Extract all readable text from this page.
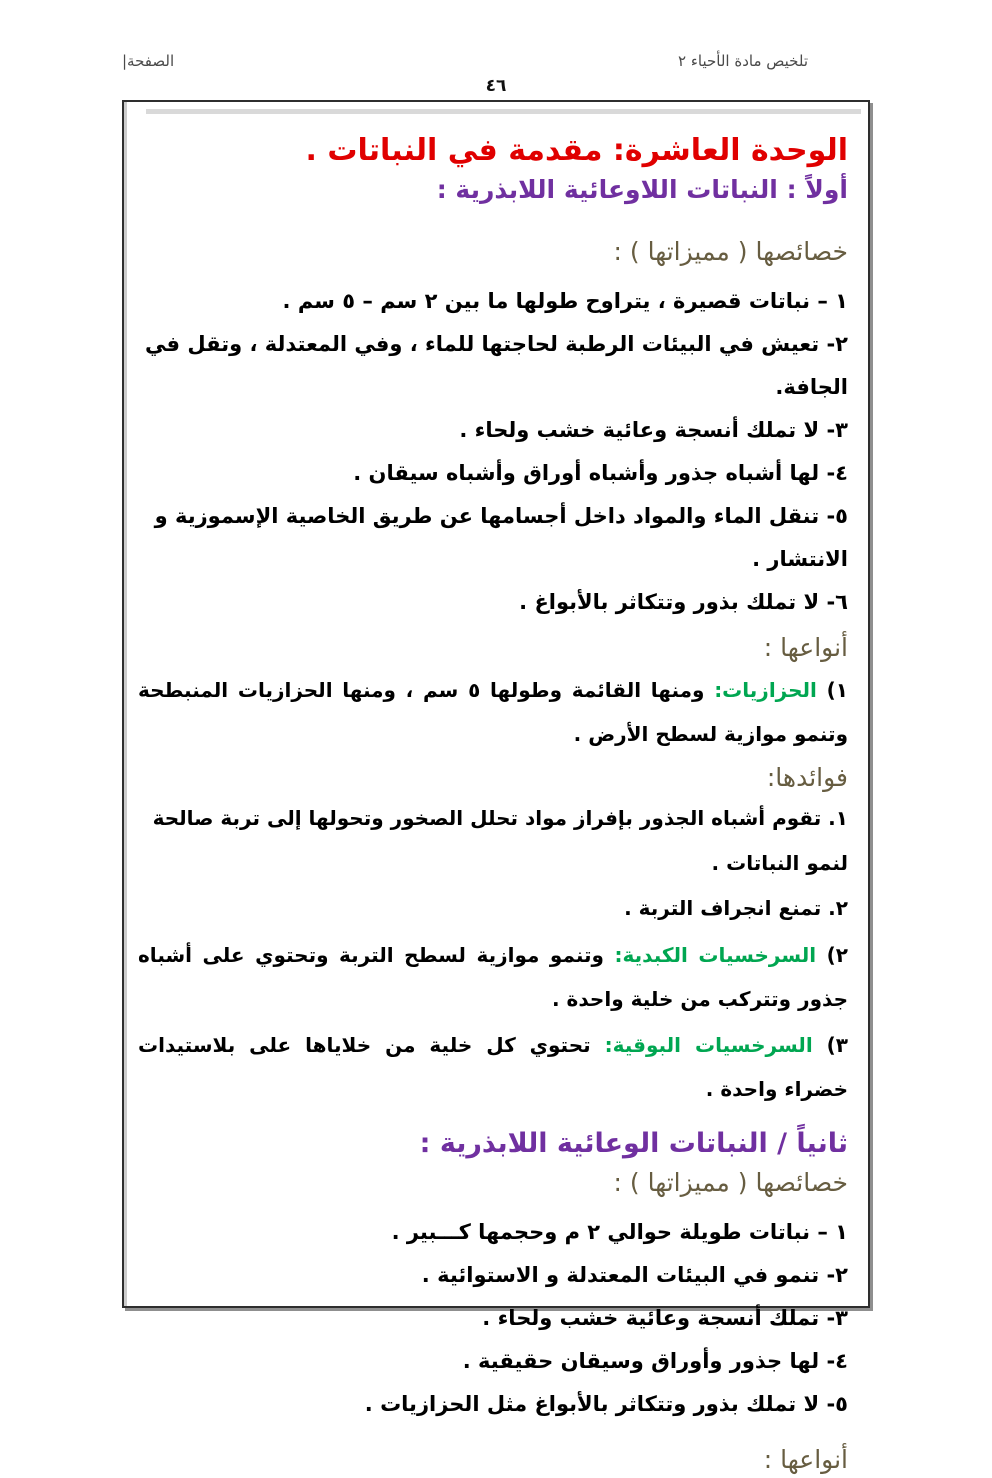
تلخيص مادة الأحياء ٢
الصفحة|
٤٦
الوحدة العاشرة: مقدمة في النباتات .
أولاً : النباتات اللاوعائية اللابذرية :
خصائصها ( مميزاتها ) :
١ – نباتات قصيرة ، يتراوح طولها ما بين ٢ سم – ٥ سم .
٢- تعيش في البيئات الرطبة لحاجتها للماء ، وفي المعتدلة ، وتقل في الجافة.
٣- لا تملك أنسجة وعائية خشب ولحاء .
٤- لها أشباه جذور وأشباه أوراق وأشباه سيقان .
٥- تنقل الماء والمواد داخل أجسامها عن طريق الخاصية الإسموزية و الانتشار .
٦- لا تملك بذور وتتكاثر بالأبواغ .
أنواعها :

١) الحزازيات: ومنها القائمة وطولها ٥ سم ، ومنها الحزازيات المنبطحة وتنمو موازية لسطح الأرض .

فوائدها:
١. تقوم أشباه الجذور بإفراز مواد تحلل الصخور وتحولها إلى تربة صالحة لنمو النباتات .
٢. تمنع انجراف التربة .

٢) السرخسيات الكبدية: وتنمو موازية لسطح التربة وتحتوي على أشباه جذور وتتركب من خلية واحدة .

٣) السرخسيات البوقية: تحتوي كل خلية من خلاياها على بلاستيدات خضراء واحدة .

ثانياً / النباتات الوعائية اللابذرية :
خصائصها ( مميزاتها ) :
١ – نباتات طويلة حوالي ٢ م وحجمها كـــبير .
٢- تنمو في البيئات المعتدلة و الاستوائية .
٣- تملك أنسجة وعائية خشب ولحاء .
٤- لها جذور وأوراق وسيقان حقيقية .
٥- لا تملك بذور وتتكاثر بالأبواغ مثل الحزازيات .
أنواعها :
